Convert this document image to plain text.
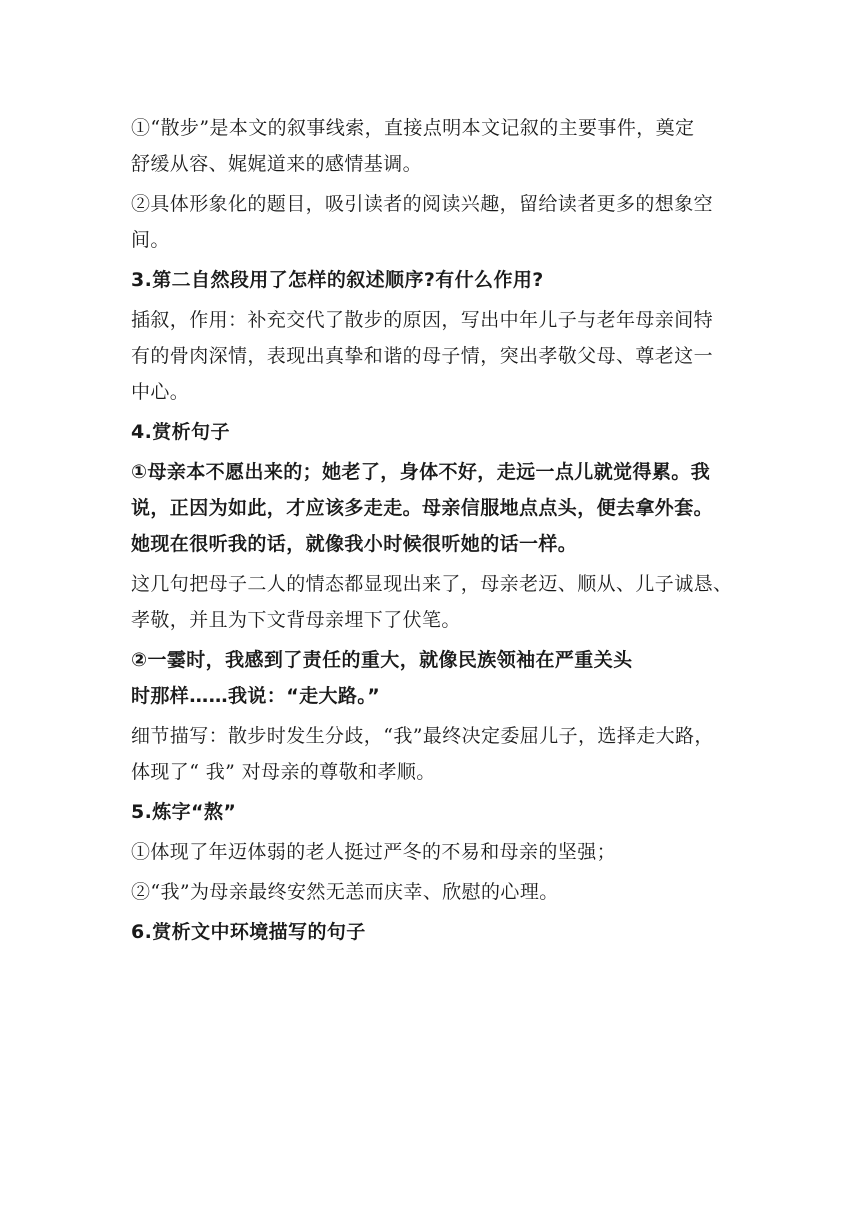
①“散步”是本文的叙事线索，直接点明本文记叙的主要事件，奠定
舒缓从容、娓娓道来的感情基调。
②具体形象化的题目，吸引读者的阅读兴趣，留给读者更多的想象空
间。
3.第二自然段用了怎样的叙述顺序?有什么作用?
插叙，作用：补充交代了散步的原因，写出中年儿子与老年母亲间特
有的骨肉深情，表现出真挚和谐的母子情，突出孝敬父母、尊老这一
中心。
4.赏析句子
①母亲本不愿出来的；她老了，身体不好，走远一点儿就觉得累。我
说，正因为如此，才应该多走走。母亲信服地点点头，便去拿外套。
她现在很听我的话，就像我小时候很听她的话一样。
这几句把母子二人的情态都显现出来了，母亲老迈、顺从、儿子诚恳、
孝敬，并且为下文背母亲埋下了伏笔。
②一霎时，我感到了责任的重大，就像民族领袖在严重关头
时那样……我说：“走大路。”
细节描写：散步时发生分歧，“我”最终决定委屈儿子，选择走大路，
体现了“ 我” 对母亲的尊敬和孝顺。
5.炼字“熬”
①体现了年迈体弱的老人挺过严冬的不易和母亲的坚强；
②“我”为母亲最终安然无恙而庆幸、欣慰的心理。
6.赏析文中环境描写的句子
